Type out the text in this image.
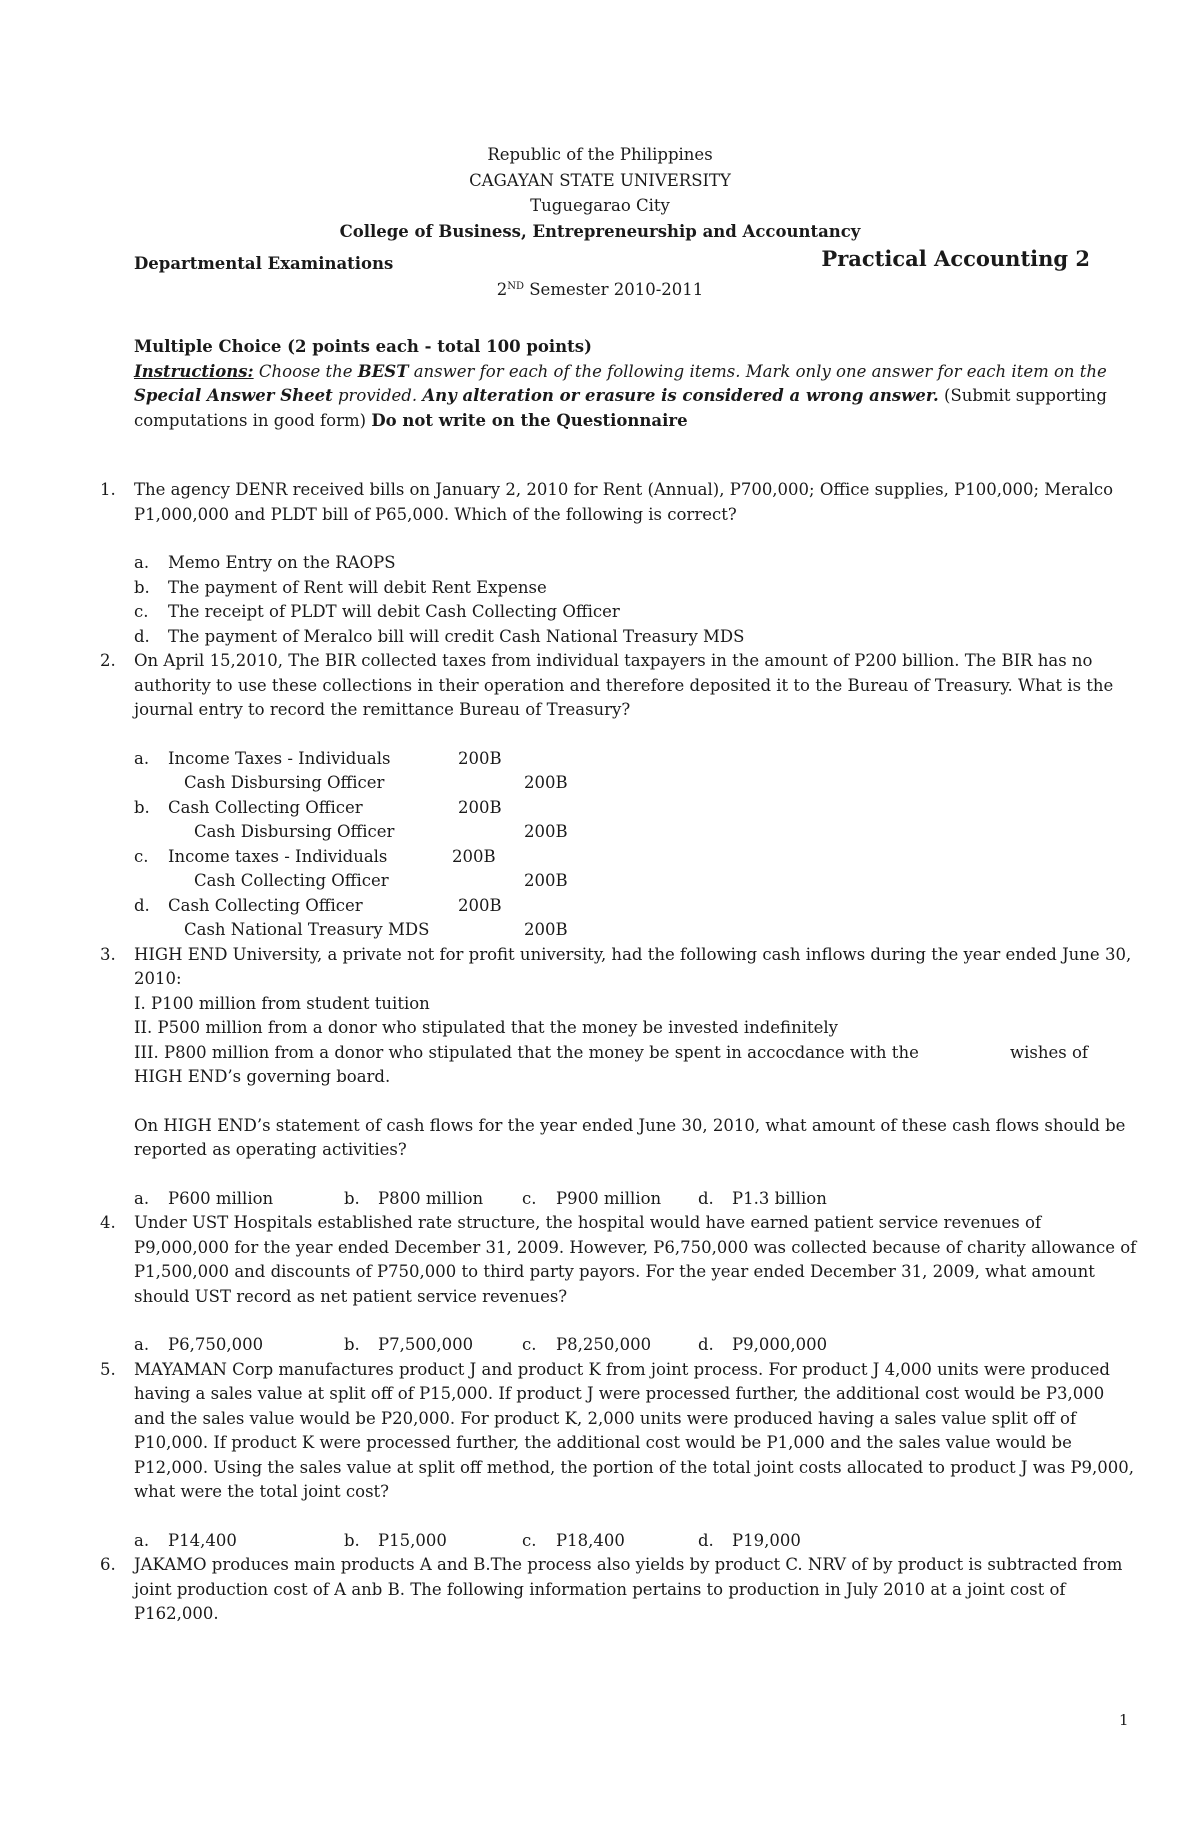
Republic of the Philippines
CAGAYAN STATE UNIVERSITY
Tuguegarao City
College of Business, Entrepreneurship and Accountancy
Departmental Examinations	Practical Accounting 2
2ND Semester 2010-2011
Multiple Choice (2 points each - total 100 points)
Instructions: Choose the BEST answer for each of the following items. Mark only one answer for each item on the Special Answer Sheet provided. Any alteration or erasure is considered a wrong answer. (Submit supporting computations in good form) Do not write on the Questionnaire
1. The agency DENR received bills on January 2, 2010 for Rent (Annual), P700,000; Office supplies, P100,000; Meralco P1,000,000 and PLDT bill of P65,000. Which of the following is correct?
a. Memo Entry on the RAOPS
b. The payment of Rent will debit Rent Expense
c. The receipt of PLDT will debit Cash Collecting Officer
d. The payment of Meralco bill will credit Cash National Treasury MDS
2. On April 15,2010, The BIR collected taxes from individual taxpayers in the amount of P200 billion. The BIR has no authority to use these collections in their operation and therefore deposited it to the Bureau of Treasury. What is the journal entry to record the remittance Bureau of Treasury?
a. Income Taxes - Individuals	200B
Cash Disbursing Officer	200B
b. Cash Collecting Officer	200B
Cash Disbursing Officer	200B
c. Income taxes - Individuals	200B
Cash Collecting Officer	200B
d. Cash Collecting Officer	200B
Cash National Treasury MDS	200B
3. HIGH END University, a private not for profit university, had the following cash inflows during the year ended June 30, 2010:
I. P100 million from student tuition
II. P500 million from a donor who stipulated that the money be invested indefinitely
III. P800 million from a donor who stipulated that the money be spent in accocdance with the	wishes of
HIGH END’s governing board.
On HIGH END’s statement of cash flows for the year ended June 30, 2010, what amount of these cash flows should be reported as operating activities?
a. P600 million	b. P800 million c. P900 million d. P1.3 billion
4. Under UST Hospitals established rate structure, the hospital would have earned patient service revenues of P9,000,000 for the year ended December 31, 2009. However, P6,750,000 was collected because of charity allowance of P1,500,000 and discounts of P750,000 to third party payors. For the year ended December 31, 2009, what amount should UST record as net patient service revenues?
a. P6,750,000	b. P7,500,000	c. P8,250,000	d. P9,000,000
5. MAYAMAN Corp manufactures product J and product K from joint process. For product J 4,000 units were produced having a sales value at split off of P15,000. If product J were processed further, the additional cost would be P3,000 and the sales value would be P20,000. For product K, 2,000 units were produced having a sales value split off of P10,000. If product K were processed further, the additional cost would be P1,000 and the sales value would be P12,000. Using the sales value at split off method, the portion of the total joint costs allocated to product J was P9,000, what were the total joint cost?
a. P14,400	b. P15,000	c. P18,400	d. P19,000
6. JAKAMO produces main products A and B.The process also yields by product C. NRV of by product is subtracted from joint production cost of A anb B. The following information pertains to production in July 2010 at a joint cost of P162,000.
1
